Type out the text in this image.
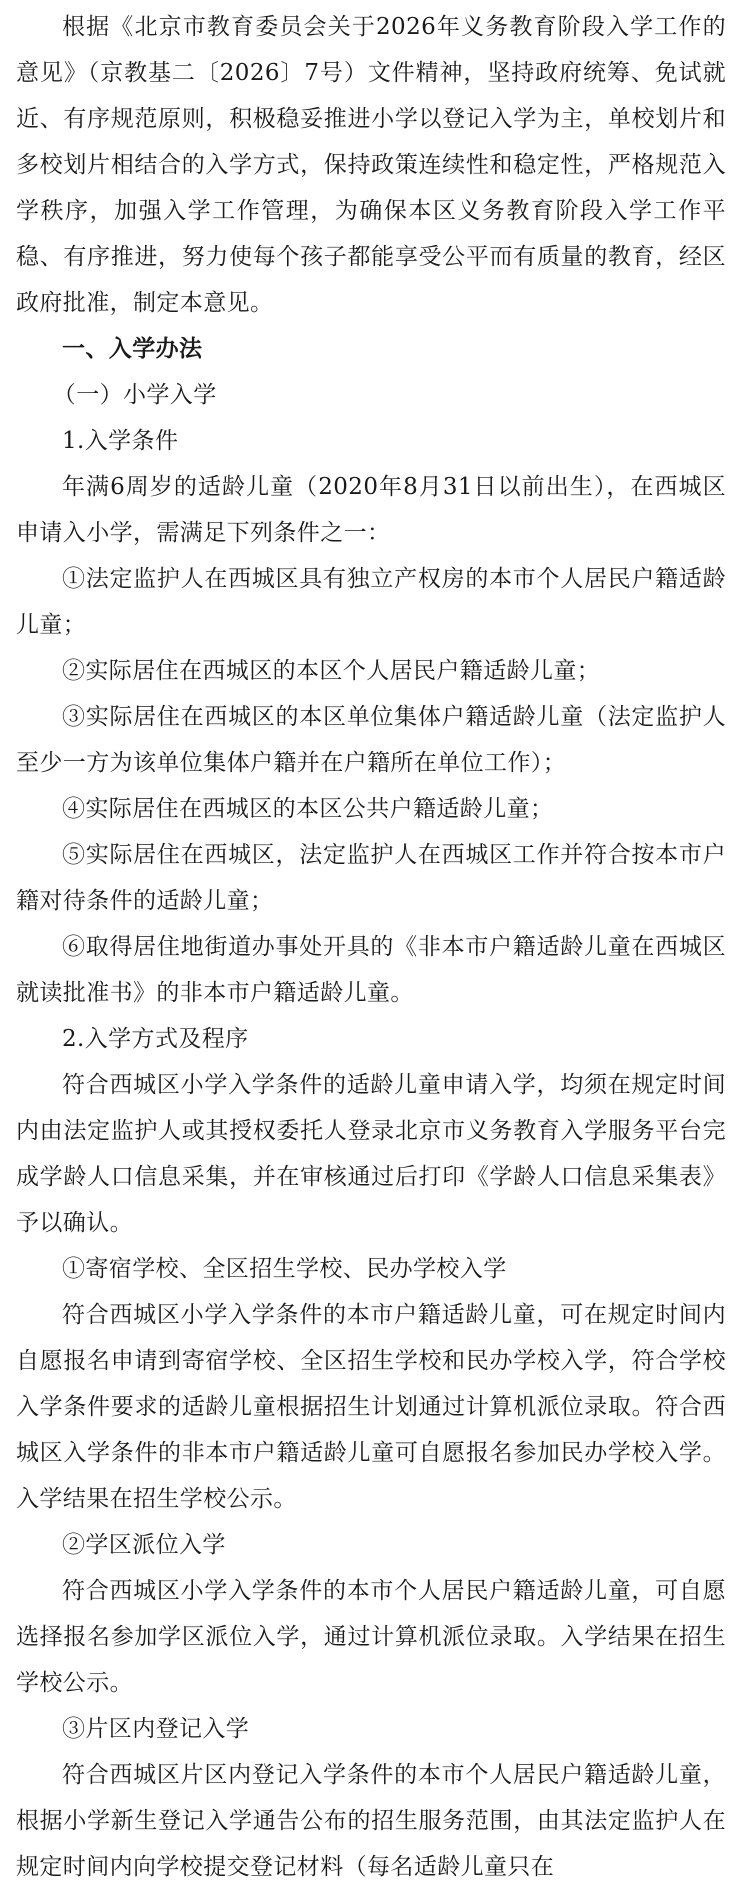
根据《北京市教育委员会关于2026年义务教育阶段入学工作的意见》（京教基二〔2026〕7号）文件精神，坚持政府统筹、免试就近、有序规范原则，积极稳妥推进小学以登记入学为主，单校划片和多校划片相结合的入学方式，保持政策连续性和稳定性，严格规范入学秩序，加强入学工作管理，为确保本区义务教育阶段入学工作平稳、有序推进，努力使每个孩子都能享受公平而有质量的教育，经区政府批准，制定本意见。

一、入学办法

（一）小学入学

1.入学条件

年满6周岁的适龄儿童（2020年8月31日以前出生），在西城区申请入小学，需满足下列条件之一：

①法定监护人在西城区具有独立产权房的本市个人居民户籍适龄儿童；

②实际居住在西城区的本区个人居民户籍适龄儿童；

③实际居住在西城区的本区单位集体户籍适龄儿童（法定监护人至少一方为该单位集体户籍并在户籍所在单位工作）；

④实际居住在西城区的本区公共户籍适龄儿童；

⑤实际居住在西城区，法定监护人在西城区工作并符合按本市户籍对待条件的适龄儿童；

⑥取得居住地街道办事处开具的《非本市户籍适龄儿童在西城区就读批准书》的非本市户籍适龄儿童。

2.入学方式及程序

符合西城区小学入学条件的适龄儿童申请入学，均须在规定时间内由法定监护人或其授权委托人登录北京市义务教育入学服务平台完成学龄人口信息采集，并在审核通过后打印《学龄人口信息采集表》予以确认。

①寄宿学校、全区招生学校、民办学校入学

符合西城区小学入学条件的本市户籍适龄儿童，可在规定时间内自愿报名申请到寄宿学校、全区招生学校和民办学校入学，符合学校入学条件要求的适龄儿童根据招生计划通过计算机派位录取。符合西城区入学条件的非本市户籍适龄儿童可自愿报名参加民办学校入学。入学结果在招生学校公示。

②学区派位入学

符合西城区小学入学条件的本市个人居民户籍适龄儿童，可自愿选择报名参加学区派位入学，通过计算机派位录取。入学结果在招生学校公示。

③片区内登记入学

符合西城区片区内登记入学条件的本市个人居民户籍适龄儿童，根据小学新生登记入学通告公布的招生服务范围，由其法定监护人在规定时间内向学校提交登记材料（每名适龄儿童只在
